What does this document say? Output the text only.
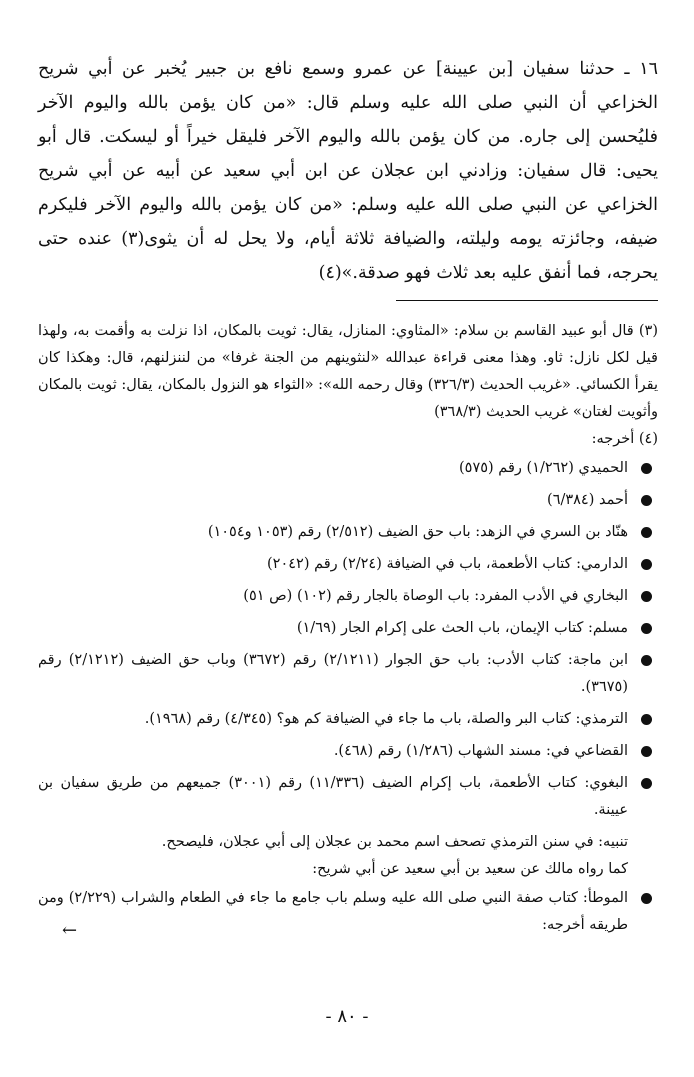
١٦ ـ حدثنا سفيان [بن عيينة] عن عمرو وسمع نافع بن جبير يُخبر عن أبي شريح الخزاعي أن النبي صلى الله عليه وسلم قال: «من كان يؤمن بالله واليوم الآخر فليُحسن إلى جاره. من كان يؤمن بالله واليوم الآخر فليقل خيراً أو ليسكت. قال أبو يحيى: قال سفيان: وزادني ابن عجلان عن ابن أبي سعيد عن أبيه عن أبي شريح الخزاعي عن النبي صلى الله عليه وسلم: «من كان يؤمن بالله واليوم الآخر فليكرم ضيفه، وجائزته يومه وليلته، والضيافة ثلاثة أيام، ولا يحل له أن يثوى(٣) عنده حتى يحرجه، فما أنفق عليه بعد ثلاث فهو صدقة.»(٤)

(٣) قال أبو عبيد القاسم بن سلام: «المثاوي: المنازل، يقال: ثويت بالمكان، اذا نزلت به وأقمت به، ولهذا قيل لكل نازل: ثاو. وهذا معنى قراءة عبدالله «لنثوينهم من الجنة غرفا» من لننزلنهم، قال: وهكذا كان يقرأ الكسائي. «غريب الحديث (٣٢٦/٣) وقال رحمه الله»: «الثواء هو النزول بالمكان، يقال: ثويت بالمكان وأثويت لغتان» غريب الحديث (٣٦٨/٣)

(٤) أخرجه:

الحميدي (١/٢٦٢) رقم (٥٧٥)
أحمد (٦/٣٨٤)
هنّاد بن السري في الزهد: باب حق الضيف (٢/٥١٢) رقم (١٠٥٣ و١٠٥٤)
الدارمي: كتاب الأطعمة، باب في الضيافة (٢/٢٤) رقم (٢٠٤٢)
البخاري في الأدب المفرد: باب الوصاة بالجار رقم (١٠٢) (ص ٥١)
مسلم: كتاب الإيمان، باب الحث على إكرام الجار (١/٦٩)
ابن ماجة: كتاب الأدب: باب حق الجوار (٢/١٢١١) رقم (٣٦٧٢) وباب حق الضيف (٢/١٢١٢) رقم (٣٦٧٥).
الترمذي: كتاب البر والصلة، باب ما جاء في الضيافة كم هو؟ (٤/٣٤٥) رقم (١٩٦٨).
القضاعي في: مسند الشهاب (١/٢٨٦) رقم (٤٦٨).
البغوي: كتاب الأطعمة، باب إكرام الضيف (١١/٣٣٦) رقم (٣٠٠١) جميعهم من طريق سفيان بن عيينة.

تنبيه: في سنن الترمذي تصحف اسم محمد بن عجلان إلى أبي عجلان، فليصحح.

كما رواه مالك عن سعيد بن أبي سعيد عن أبي شريح:

الموطأ: كتاب صفة النبي صلى الله عليه وسلم باب جامع ما جاء في الطعام والشراب (٢/٢٢٩) ومن طريقه أخرجه:
←
- ٨٠ -
